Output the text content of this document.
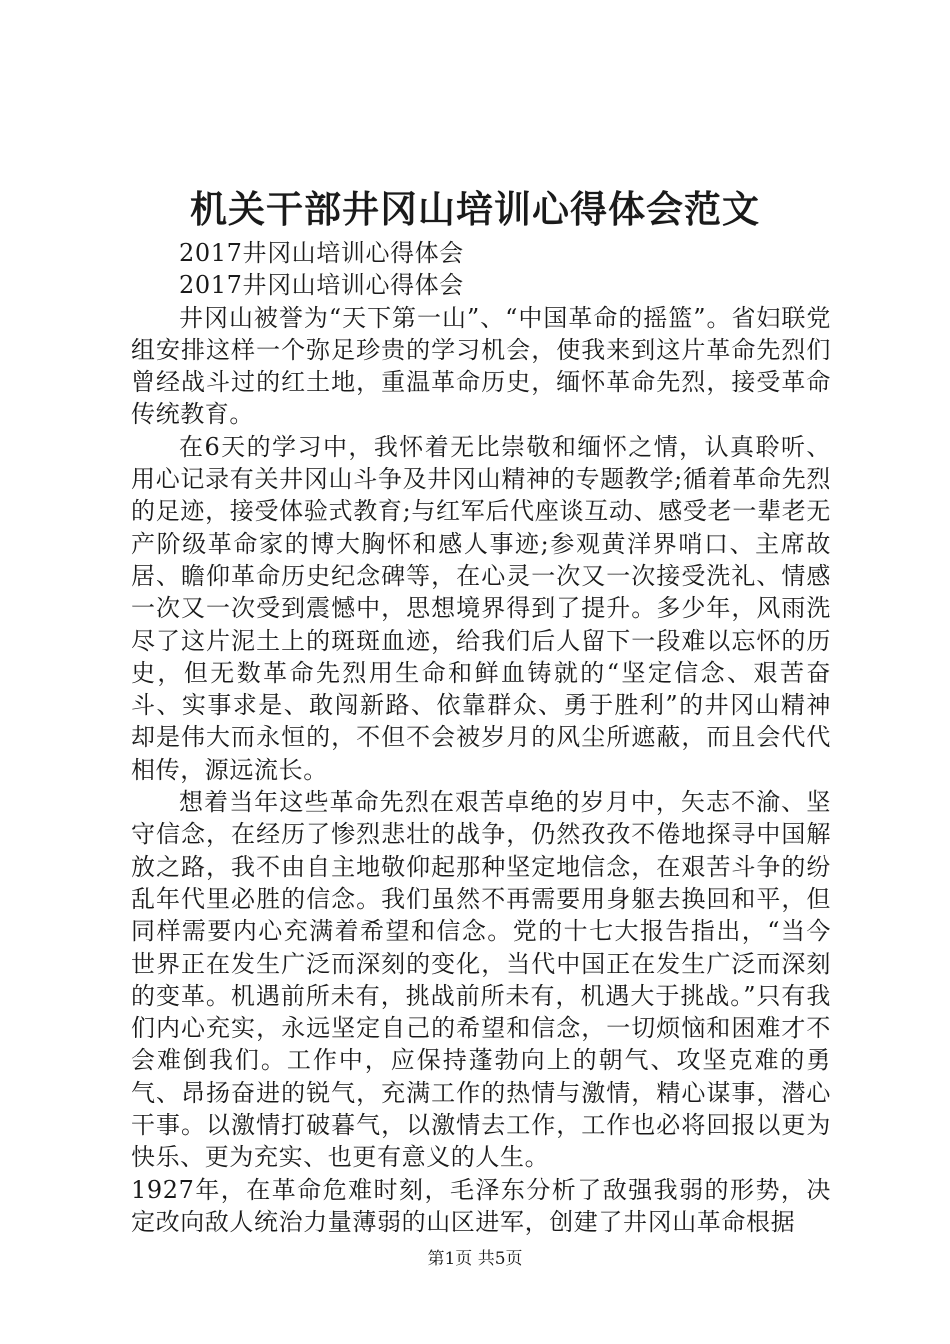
机关干部井冈山培训心得体会范文

2017井冈山培训心得体会

2017井冈山培训心得体会

井冈山被誉为“天下第一山”、“中国革命的摇篮”。省妇联党组安排这样一个弥足珍贵的学习机会，使我来到这片革命先烈们曾经战斗过的红土地，重温革命历史，缅怀革命先烈，接受革命传统教育。

在6天的学习中，我怀着无比崇敬和缅怀之情，认真聆听、用心记录有关井冈山斗争及井冈山精神的专题教学;循着革命先烈的足迹，接受体验式教育;与红军后代座谈互动、感受老一辈老无产阶级革命家的博大胸怀和感人事迹;参观黄洋界哨口、主席故居、瞻仰革命历史纪念碑等，在心灵一次又一次接受洗礼、情感一次又一次受到震憾中，思想境界得到了提升。多少年，风雨洗尽了这片泥土上的斑斑血迹，给我们后人留下一段难以忘怀的历史，但无数革命先烈用生命和鲜血铸就的“坚定信念、艰苦奋斗、实事求是、敢闯新路、依靠群众、勇于胜利”的井冈山精神却是伟大而永恒的，不但不会被岁月的风尘所遮蔽，而且会代代相传，源远流长。

想着当年这些革命先烈在艰苦卓绝的岁月中，矢志不渝、坚守信念，在经历了惨烈悲壮的战争，仍然孜孜不倦地探寻中国解放之路，我不由自主地敬仰起那种坚定地信念，在艰苦斗争的纷乱年代里必胜的信念。我们虽然不再需要用身躯去换回和平，但同样需要内心充满着希望和信念。党的十七大报告指出，“当今世界正在发生广泛而深刻的变化，当代中国正在发生广泛而深刻的变革。机遇前所未有，挑战前所未有，机遇大于挑战。”只有我们内心充实，永远坚定自己的希望和信念，一切烦恼和困难才不会难倒我们。工作中，应保持蓬勃向上的朝气、攻坚克难的勇气、昂扬奋进的锐气，充满工作的热情与激情，精心谋事，潜心干事。以激情打破暮气，以激情去工作，工作也必将回报以更为快乐、更为充实、也更有意义的人生。

1927年，在革命危难时刻，毛泽东分析了敌强我弱的形势，决定改向敌人统治力量薄弱的山区进军，创建了井冈山革命根据

第1页 共5页
